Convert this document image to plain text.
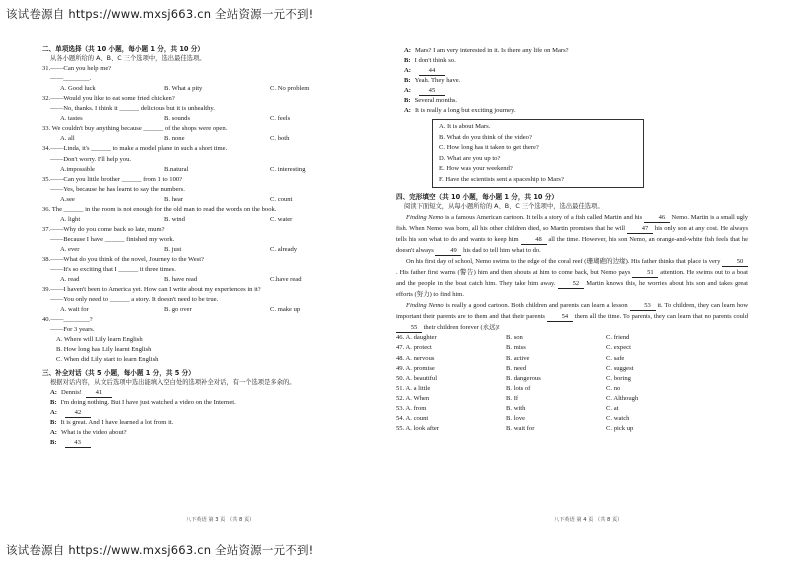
该试卷源自 https://www.mxsj663.cn 全站资源一元不到!
该试卷源自 https://www.mxsj663.cn 全站资源一元不到!
二、单项选择（共 10 小题，每小题 1 分，共 10 分）
从各小题所给的 A、B、C 三个选项中，选出最佳选项。
31.——Can you help me?
——________.
A. Good luck	B. What a pity	C. No problem
32.——Would you like to eat some fried chicken?
——No, thanks. I think it ______ delicious but it is unhealthy.
A. tastes	B. sounds	C. feels
33. We couldn't buy anything because ______ of the shops were open.
A. all	B. none	C. both
34.——Linda, it's ______ to make a model plane in such a short time.
——Don't worry. I'll help you.
A.impossible	B.natural	C. interesting
35.——Can you little brother ______ from 1 to 100?
——Yes, because he has learnt to say the numbers.
A.see	B. hear	C. count
36. The ______ in the room is not enough for the old man to read the words on the book.
A. light	B. wind	C. water
37.——Why do you come back so late, mum?
——Because I have ______ finished my work.
A. ever	B. just	C. already
38.——What do you think of the novel, Journey to the West?
——It's so exciting that I ______ it three times.
A. read	B. have read	C.have read
39.——I haven't been to America yet. How can I write about my experiences in it?
——You only need to ______ a story. It doesn't need to be true.
A. wait for	B. go over	C. make up
40.——________?
——For 3 years.
A. Where will Lily learn English
B. How long has Lily learnt English
C. When did Lily start to learn English
三、补全对话（共 5 小题，每小题 1 分，共 5 分）
根据对话内容，从文后选项中选出能填入空白处的选项补全对话，有一个选项是多余的。
A: Dennis!	41
B: I'm doing nothing. But I have just watched a video on the Internet.
A:	42
B: It is great. And I have learned a lot from it.
A: What is the video about?
B:	43
A: Mars? I am very interested in it. Is there any life on Mars?
B: I don't think so.
A:	44
B: Yeah. They have.
A:	45
B: Several months.
A: It is really a long but exciting journey.
A. It is about Mars.
B. What do you think of the video?
C. How long has it taken to get there?
D. What are you up to?
E. How was your weekend?
F. Have the scientists sent a spaceship to Mars?
四、完形填空（共 10 小题，每小题 1 分，共 10 分）
阅读下面短文，从每小题所给的 A、B、C 三个选项中，选出最佳选项。

Finding Nemo is a famous American cartoon. It tells a story of a fish called Martin and his 46 Nemo. Martin is a small ugly fish. When Nemo was born, all his other children died, so Martin promises that he will 47 his only son at any cost. He always tells his son what to do and wants to keep him 48 all the time. However, his son Nemo, an orange-and-white fish feels that he doesn't always 49 his dad to tell him what to do.

On his first day of school, Nemo swims to the edge of the coral reef (珊瑚礁的边缘). His father thinks that place is very 50. His father first warns (警告) him and then shouts at him to come back, but Nemo pays 51 attention. He swims out to a boat and the people in the boat catch him. They take him away. 52 Martin knows this, he worries about his son and takes great efforts (努力) to find him.

Finding Nemo is really a good cartoon. Both children and parents can learn a lesson 53 it. To children, they can learn how important their parents are to them and that their parents 54 them all the time. To parents, they can learn that no parents could 55 their children forever (永远)!

46. A. daughter	B. son	C. friend
47. A. protect	B. miss	C. expect
48. A. nervous	B. active	C. safe
49. A. promise	B. need	C. suggest
50. A. beautiful	B. dangerous	C. boring
51. A. a little	B. lots of	C. no
52. A. When	B. If	C. Although
53. A. from	B. with	C. at
54. A. count	B. love	C. watch
55. A. look after	B. wait for	C. pick up
八下英语 第 3 页 （共 8 页）	八下英语 第 4 页 （共 8 页）
